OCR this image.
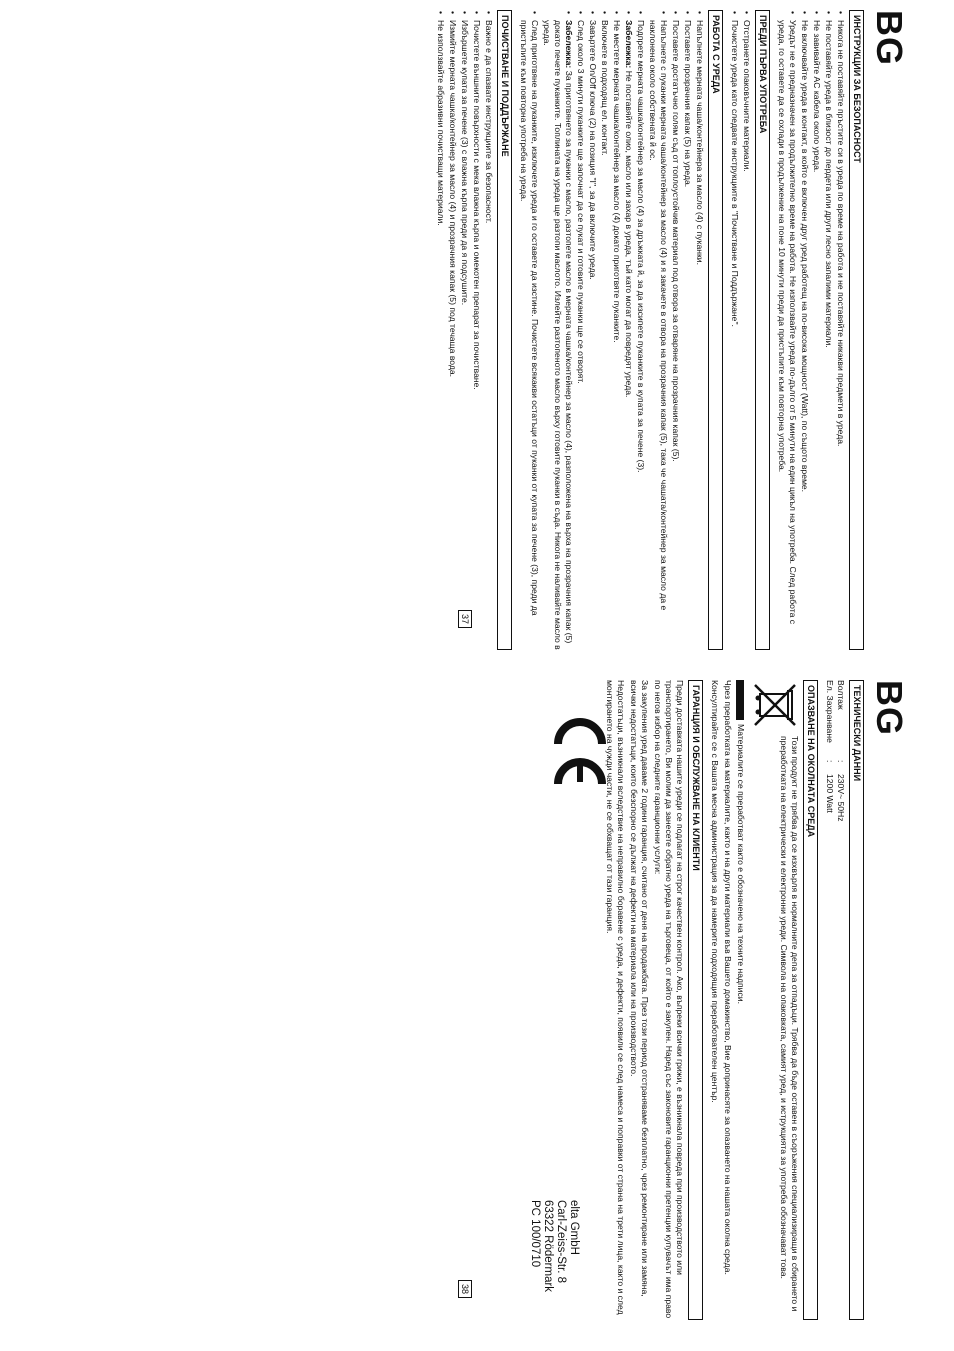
BG
ИНСТРУКЦИИ ЗА БЕЗОПАСНОСТ
• Никога не поставяйте пръстите си в уреда по време на работа и не поставяйте никакви предмети в уреда.
• Не поставяйте уреда в близост до пердета или други лесно запалими материали.
• Не завивайте AC кабела около уреда.
• Не включвайте уреда в контакт, в който е включен друг уред работещ на по-висока мощност (Watt), по същото време.
• Уредът не е предназначен за продължително време на работа. Не използвайте уреда по-дълго от 5 минути на един цикъл на употреба. След работа с уреда, го оставете да се охлади в продължение на поне 10 минути преди да пристъпите към повторна употреба.
ПРЕДИ ПЪРВА УПОТРЕБА
• Отстранете опаковъчните материали.
• Почистете уреда като следвате инструкциите в "Почистване и Поддържане".
РАБОТА С УРЕДА
• Напълнете мерната чаша/контейнера за масло (4) с пуканки.
• Поставете прозрачния капак (5) на уреда.
• Поставете достатъчно голям съд от топлоустойчив материал под отвора за отваряне на прозрачния капак (5).
• Напълнете с пуканки мерната чаша/контейнер за масло (4) и я закачете в отвора на прозрачния капак (5), така че чашата/контейнер за масло да е наклонена около собствената й ос.
• Подпрете мерната чашка/контейнер за масло (4) за дръжката й, за да изсипете пуканките в купата за печене (3).
• Забележка: Не поставяйте олио, масло или захар в уреда, тъй като могат да повредят уреда.
• Не местете мерната чашка/контейнер за масло (4) докато приготвяте пуканките.
• Включете в подходящ ел. контакт.
• Завъртете On/Off ключа (2) на позиция "I", за да включите уреда.
• След около 3 минути пуканките ще започнат да се пукат и готовите пуканки ще се отворят.
• Забележка: За приготвянето за пуканки с масло, разтопете масло в мерната чашка/контейнер за масло (4), разположена на върха на прозрачния капак (5) докато печете пуканките. Топлината на уреда ще разтопи маслото. Излейте разтопеното масло върху готовите пуканки в съда. Никога не наливайте масло в уреда.
• След приготвяне на пуканките, изключете уреда и го оставете да изстине. Почистете всякакви остатъци от пуканки от купата за печене (3), преди да пристъпите към повторна употреба на уреда.
ПОЧИСТВАНЕ И ПОДДЪРЖАНЕ
• Важно е да спазвате инструкциите за безопасност.
• Почистете външните повърхности с мека влажна кърпа и омекотен препарат за почистване.
• Избършете купата за печене (3) с влажна кърпа преди да я подсушите.
• Измийте мерната чашка/контейнер за масло (4) и прозрачния капак (5) под течаща вода.
• Не използвайте абразивни почистващи материали.
37
BG
ТЕХНИЧЕСКИ ДАННИ
Волтаж
:
230V~ 50Hz
Ел. Захранване
:
1200 Watt
ОПАЗВАНЕ НА ОКОЛНАТА СРЕДА
Този продукт не трябва да се изхвърля в нормалните депа за отпадъци. Трябва да бъде оставен в съоръжения специализиращи в сбирането и преработката на електрически и електронни уреди. Символа на опаковката, самият уред, и иструкцията за употреба обозначават това.
Материалите се преработват както е обозначено на техните надписи.
Чрез преработката на материалите, както и на други материали във Вашето домакинство, Вие допринасяте за опазването на нашата околна среда.
Консултирайте се с Вашата месна администрация за да намерите подходящия преработвателен център.
ГАРАНЦИЯ И ОБСЛУЖВАНЕ НА КЛИЕНТИ
Преди доставката нашите уреди се подлагат на строг качествен контрол. Ако, въпреки всички грижи, е възникнала повреда при производството или транспортирането, Ви молим да занесете обратно уреда на търговеца, от който е закупен. Наред със законовите гаранционни претенции купувачът има право по негов избор на следните гаранционни услуги:
За закупения уред даваме 2 години гаранция, считано от деня на продажбата. През този период отстраняваме безплатно, чрез ремонтиране или замяна, всички недостатъци, които безспорно се дължат на дефекти на материала или на производството.
Недостатъци, възникнали вследствие на неправилно боравене с уреда, и дефекти, появили се след намеса и поправки от страна на трети лица, както и след монтирането на чужди части, не се обхващат от тази гаранция.
elta GmbH
Carl-Zeiss-Str. 8
63322 Rödermark
PC 100/0710
38
